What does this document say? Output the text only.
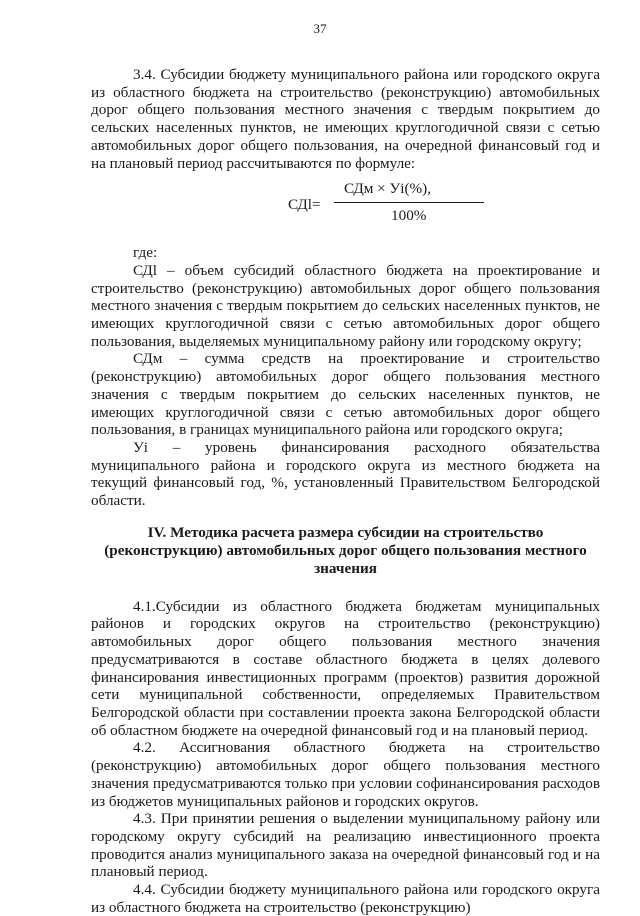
37

3.4. Субсидии бюджету муниципального района или городского округа из областного бюджета на строительство (реконструкцию) автомобильных дорог общего пользования местного значения с твердым покрытием до сельских населенных пунктов, не имеющих круглогодичной связи с сетью автомобильных дорог общего пользования, на очередной финансовый год и на плановый период рассчитываются по формуле:

СДl=
СДм × Уi(%),
100%

где:

СДl – объем субсидий областного бюджета на проектирование и строительство (реконструкцию) автомобильных дорог общего пользования местного значения с твердым покрытием до сельских населенных пунктов, не имеющих круглогодичной связи с сетью автомобильных дорог общего пользования, выделяемых муниципальному району или городскому округу;

СДм – сумма средств на проектирование и строительство (реконструкцию) автомобильных дорог общего пользования местного значения с твердым покрытием до сельских населенных пунктов, не имеющих круглогодичной связи с сетью автомобильных дорог общего пользования, в границах муниципального района или городского округа;

Уi – уровень финансирования расходного обязательства муниципального района и городского округа из местного бюджета на текущий финансовый год, %, установленный Правительством Белгородской области.

IV. Методика расчета размера субсидии на строительство (реконструкцию) автомобильных дорог общего пользования местного значения

4.1.Субсидии из областного бюджета бюджетам муниципальных районов и городских округов на строительство (реконструкцию) автомобильных дорог общего пользования местного значения предусматриваются в составе областного бюджета в целях долевого финансирования инвестиционных программ (проектов) развития дорожной сети муниципальной собственности, определяемых Правительством Белгородской области при составлении проекта закона Белгородской области об областном бюджете на очередной финансовый год и на плановый период.

4.2. Ассигнования областного бюджета на строительство (реконструкцию) автомобильных дорог общего пользования местного значения предусматриваются только при условии софинансирования расходов из бюджетов муниципальных районов и городских округов.

4.3. При принятии решения о выделении муниципальному району или городскому округу субсидий на реализацию инвестиционного проекта проводится анализ муниципального заказа на очередной финансовый год и на плановый период.

4.4. Субсидии бюджету муниципального района или городского округа из областного бюджета на строительство (реконструкцию)
